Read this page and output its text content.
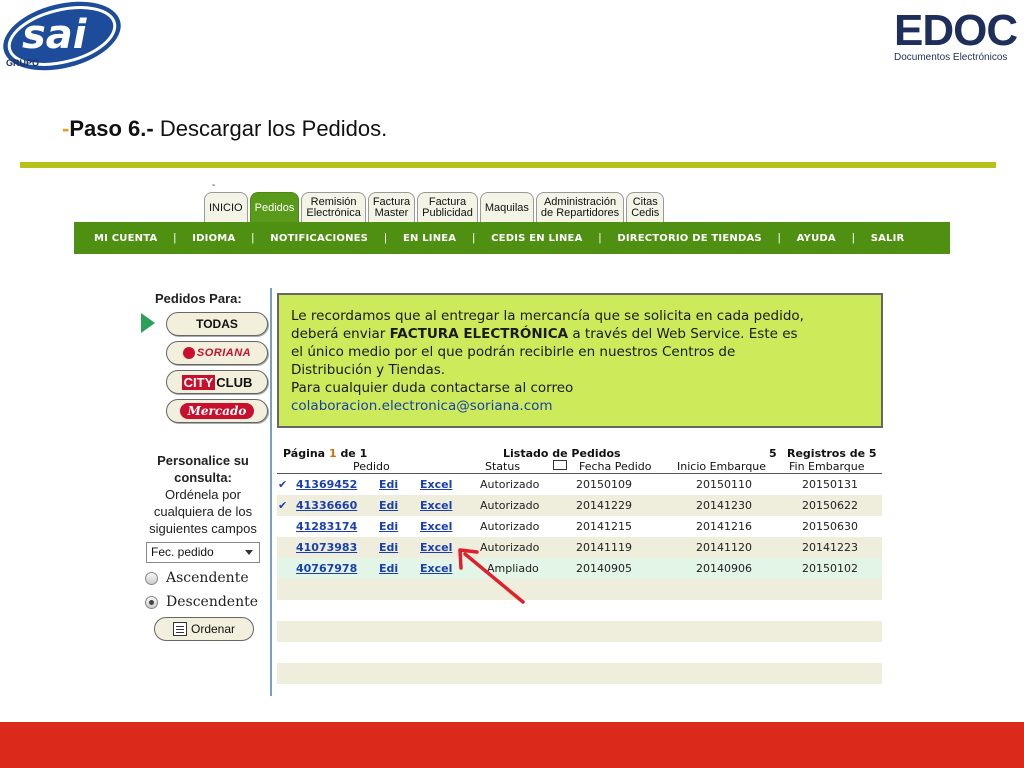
sai
GRUPO
EDOC
Documentos Electrónicos
-Paso 6.- Descargar los Pedidos.
-
INICIO	Pedidos	Remisión
Electrónica
Factura
Master
Factura
Publicidad	Maquilas	Administración
de Repartidores
Citas
Cedis
MI CUENTA | IDIOMA | NOTIFICACIONES | EN LINEA | CEDIS EN LINEA | DIRECTORIO DE TIENDAS | AYUDA | SALIR
Pedidos Para:
TODAS
SORIANA
CITY CLUB
Mercado
Personalice su consulta:
Ordénela por cualquiera de los siguientes campos
Fec. pedido
Ascendente
Descendente
Ordenar
Le recordamos que al entregar la mercancía que se solicita en cada pedido,
deberá enviar FACTURA ELECTRÓNICA a través del Web Service. Este es
el único medio por el que podrán recibirle en nuestros Centros de
Distribución y Tiendas.
Para cualquier duda contactarse al correo
colaboracion.electronica@soriana.com
Página 1 de 1	Listado de Pedidos	5 Registros de 5
Pedido	Status	Fecha Pedido Inicio Embarque Fin Embarque
✔ 41369452 Edi Excel	Autorizado	20150109	20150110	20150131
✔ 41336660 Edi Excel	Autorizado	20141229	20141230	20150622
41283174 Edi Excel	Autorizado	20141215	20141216	20150630
41073983 Edi Excel	Autorizado	20141119	20141120	20141223
40767978 Edi Excel	Ampliado	20140905	20140906	20150102
